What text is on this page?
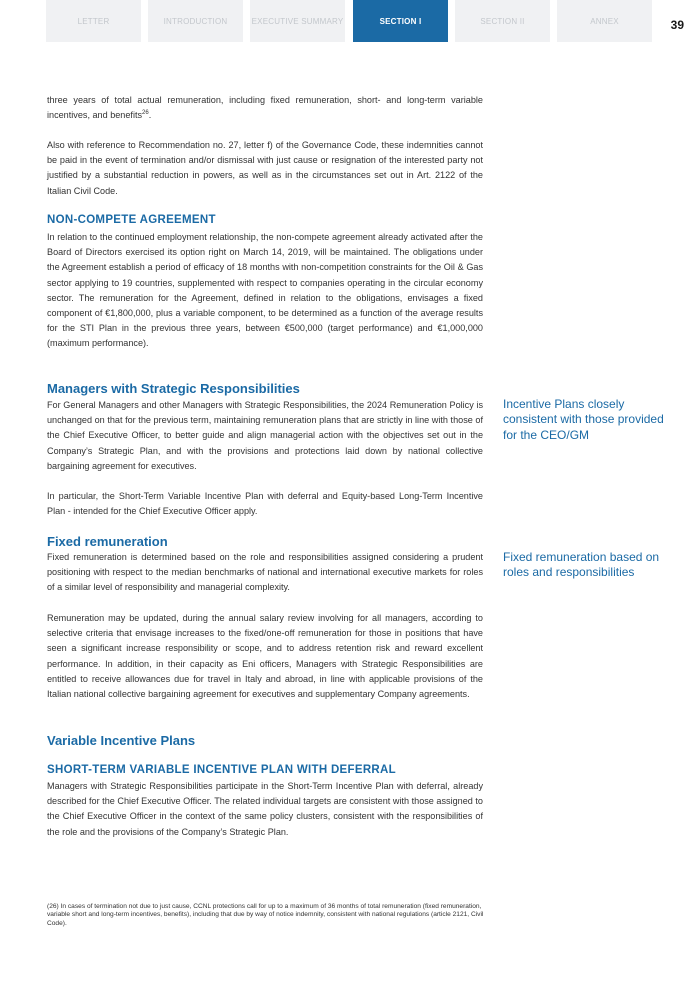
LETTER	INTRODUCTION	EXECUTIVE SUMMARY	SECTION I	SECTION II	ANNEX	39

three years of total actual remuneration, including fixed remuneration, short- and long-term variable incentives, and benefits$^{26}$.

Also with reference to Recommendation no. 27, letter f) of the Governance Code, these indemnities cannot be paid in the event of termination and/or dismissal with just cause or resignation of the interested party not justified by a substantial reduction in powers, as well as in the circumstances set out in Art. 2122 of the Italian Civil Code.

NON-COMPETE AGREEMENT

In relation to the continued employment relationship, the non-compete agreement already activated after the Board of Directors exercised its option right on March 14, 2019, will be maintained. The obligations under the Agreement establish a period of efficacy of 18 months with non-competition constraints for the Oil & Gas sector applying to 19 countries, supplemented with respect to companies operating in the circular economy sector. The remuneration for the Agreement, defined in relation to the obligations, envisages a fixed component of €1,800,000, plus a variable component, to be determined as a function of the average results for the STI Plan in the previous three years, between €500,000 (target performance) and €1,000,000 (maximum performance).

Managers with Strategic Responsibilities

For General Managers and other Managers with Strategic Responsibilities, the 2024 Remuneration Policy is unchanged on that for the previous term, maintaining remuneration plans that are strictly in line with those of the Chief Executive Officer, to better guide and align managerial action with the objectives set out in the Company’s Strategic Plan, and with the provisions and protections laid down by national collective bargaining agreement for executives.

In particular, the Short-Term Variable Incentive Plan with deferral and Equity-based Long-Term Incentive Plan - intended for the Chief Executive Officer apply.

Fixed remuneration

Fixed remuneration is determined based on the role and responsibilities assigned considering a prudent positioning with respect to the median benchmarks of national and international executive markets for roles of a similar level of responsibility and managerial complexity.

Remuneration may be updated, during the annual salary review involving for all managers, according to selective criteria that envisage increases to the fixed/one-off remuneration for those in positions that have seen a significant increase responsibility or scope, and to address retention risk and reward excellent performance. In addition, in their capacity as Eni officers, Managers with Strategic Responsibilities are entitled to receive allowances due for travel in Italy and abroad, in line with applicable provisions of the Italian national collective bargaining agreement for executives and supplementary Company agreements.

Variable Incentive Plans
SHORT-TERM VARIABLE INCENTIVE PLAN WITH DEFERRAL

Managers with Strategic Responsibilities participate in the Short-Term Incentive Plan with deferral, already described for the Chief Executive Officer. The related individual targets are consistent with those assigned to the Chief Executive Officer in the context of the same policy clusters, consistent with the responsibilities of the role and the provisions of the Company’s Strategic Plan.

Incentive Plans closely consistent with those provided for the CEO/GM
Fixed remuneration based on roles and responsibilities
(26) In cases of termination not due to just cause, CCNL protections call for up to a maximum of 36 months of total remuneration (fixed remuneration, variable short and long-term incentives, benefits), including that due by way of notice indemnity, consistent with national regulations (article 2121, Civil Code).
